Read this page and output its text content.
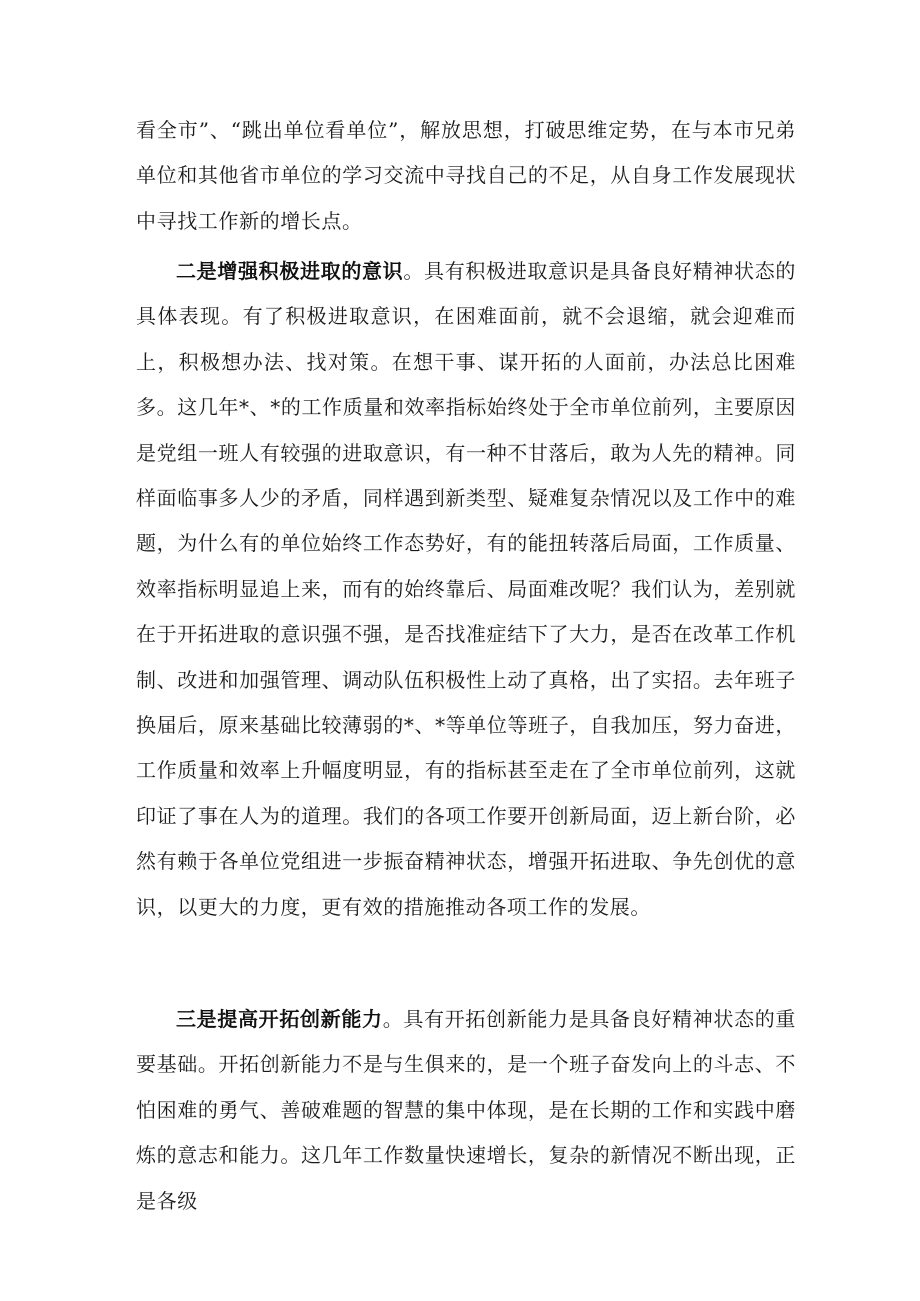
看全市”、“跳出单位看单位”，解放思想，打破思维定势，在与本市兄弟单位和其他省市单位的学习交流中寻找自己的不足，从自身工作发展现状中寻找工作新的增长点。

二是增强积极进取的意识。具有积极进取意识是具备良好精神状态的具体表现。有了积极进取意识，在困难面前，就不会退缩，就会迎难而上，积极想办法、找对策。在想干事、谋开拓的人面前，办法总比困难多。这几年*、*的工作质量和效率指标始终处于全市单位前列，主要原因是党组一班人有较强的进取意识，有一种不甘落后，敢为人先的精神。同样面临事多人少的矛盾，同样遇到新类型、疑难复杂情况以及工作中的难题，为什么有的单位始终工作态势好，有的能扭转落后局面，工作质量、效率指标明显追上来，而有的始终靠后、局面难改呢？我们认为，差别就在于开拓进取的意识强不强，是否找准症结下了大力，是否在改革工作机制、改进和加强管理、调动队伍积极性上动了真格，出了实招。去年班子换届后，原来基础比较薄弱的*、*等单位等班子，自我加压，努力奋进，工作质量和效率上升幅度明显，有的指标甚至走在了全市单位前列，这就印证了事在人为的道理。我们的各项工作要开创新局面，迈上新台阶，必然有赖于各单位党组进一步振奋精神状态，增强开拓进取、争先创优的意识，以更大的力度，更有效的措施推动各项工作的发展。

三是提高开拓创新能力。具有开拓创新能力是具备良好精神状态的重要基础。开拓创新能力不是与生俱来的，是一个班子奋发向上的斗志、不怕困难的勇气、善破难题的智慧的集中体现，是在长期的工作和实践中磨炼的意志和能力。这几年工作数量快速增长，复杂的新情况不断出现，正是各级
